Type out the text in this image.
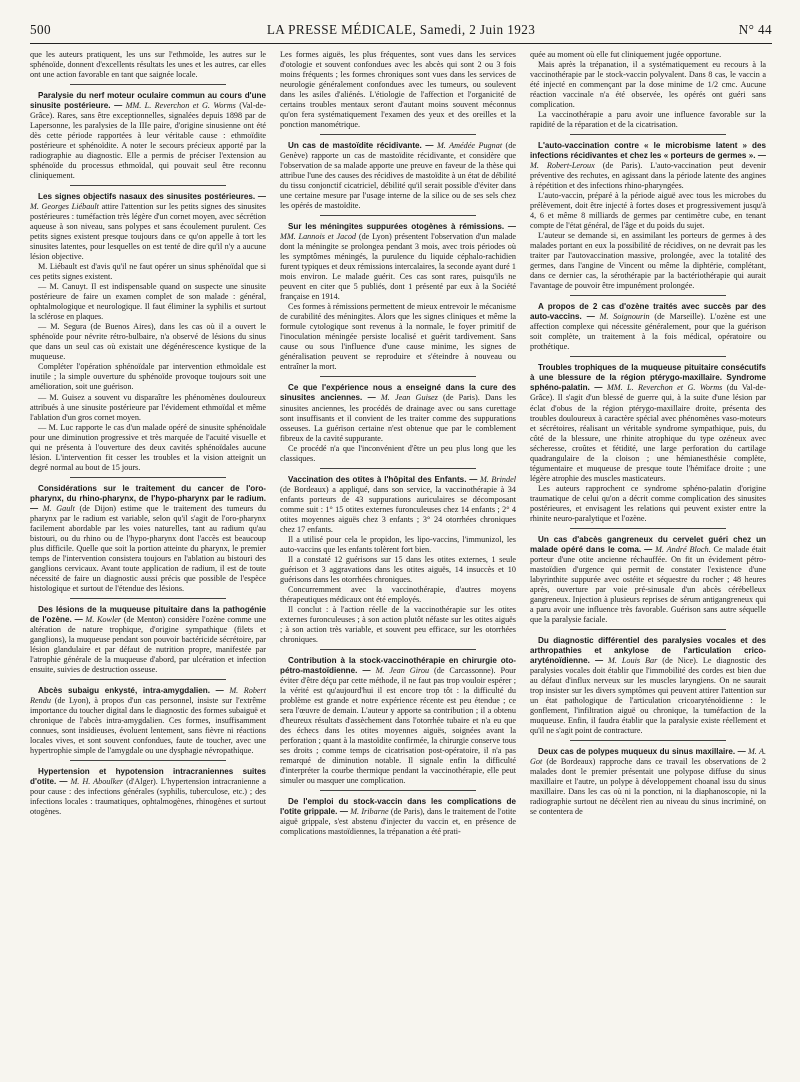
500	LA PRESSE MÉDICALE, Samedi, 2 Juin 1923	N° 44

que les auteurs pratiquent, les uns sur l'ethmoïde, les autres sur le sphénoïde, donnent d'excellents résultats les unes et les autres, car elles ont une action favorable en tant que saignée locale.

Paralysie du nerf moteur oculaire commun au cours d'une sinusite postérieure. — MM. L. Reverchon et G. Worms (Val-de-Grâce). Rares, sans être exceptionnelles, signalées depuis 1898 par de Lapersonne, les paralysies de la IIIe paire, d'origine sinusienne ont été dès cette période rapportées à leur véritable cause : ethmoïdite postérieure et sphénoïdite. A noter le secours précieux apporté par la radiographie au diagnostic. Elle a permis de préciser l'extension au sphénoïde du processus ethmoïdal, qui pouvait seul être reconnu cliniquement.

Les signes objectifs nasaux des sinusites postérieures. — M. Georges Liébault attire l'attention sur les petits signes des sinusites postérieures : tuméfaction très légère d'un cornet moyen, avec sécrétion aqueuse à son niveau, sans polypes et sans écoulement purulent. Ces petits signes existent presque toujours dans ce qu'on appelle à tort les sinusites latentes, pour lesquelles on est tenté de dire qu'il n'y a aucune lésion objective.

M. Liébault est d'avis qu'il ne faut opérer un sinus sphénoïdal que si ces petits signes existent.

— M. Canuyt. Il est indispensable quand on suspecte une sinusite postérieure de faire un examen complet de son malade : général, ophtalmologique et neurologique. Il faut éliminer la syphilis et surtout la sclérose en plaques.

— M. Segura (de Buenos Aires), dans les cas où il a ouvert le sphénoïde pour névrite rétro-bulbaire, n'a observé de lésions du sinus que dans un seul cas où existait une dégénérescence kystique de la muqueuse.

Compléter l'opération sphénoïdale par intervention ethmoïdale est inutile ; la simple ouverture du sphénoïde provoque toujours soit une amélioration, soit une guérison.

— M. Guisez a souvent vu disparaître les phénomènes douloureux attribués à une sinusite postérieure par l'évidement ethmoïdal et même l'ablation d'un gros cornet moyen.

— M. Luc rapporte le cas d'un malade opéré de sinusite sphénoïdale pour une diminution progressive et très marquée de l'acuité visuelle et qui ne présenta à l'ouverture des deux cavités sphénoïdales aucune lésion. L'intervention fit cesser les troubles et la vision atteignit un degré normal au bout de 15 jours.

Considérations sur le traitement du cancer de l'oro-pharynx, du rhino-pharynx, de l'hypo-pharynx par le radium. — M. Gault (de Dijon) estime que le traitement des tumeurs du pharynx par le radium est variable, selon qu'il s'agit de l'oro-pharynx facilement abordable par les voies naturelles, tant au radium qu'au bistouri, ou du rhino ou de l'hypo-pharynx dont l'accès est beaucoup plus difficile. Quelle que soit la portion atteinte du pharynx, le premier temps de l'intervention consistera toujours en l'ablation au bistouri des ganglions cervicaux. Avant toute application de radium, il est de toute nécessité de faire un diagnostic aussi précis que possible de l'espèce histologique et surtout de l'étendue des lésions.

Des lésions de la muqueuse pituitaire dans la pathogénie de l'ozène. — M. Kowler (de Menton) considère l'ozène comme une altération de nature trophique, d'origine sympathique (filets et ganglions), la muqueuse pendant son pouvoir bactéricide sécrétoire, par lésion glandulaire et par défaut de nutrition propre, manifestée par l'atrophie générale de la muqueuse d'abord, par ulcération et infection ensuite, suivies de destruction osseuse.

Abcès subaigu enkysté, intra-amygdalien. — M. Robert Rendu (de Lyon), à propos d'un cas personnel, insiste sur l'extrême importance du toucher digital dans le diagnostic des formes subaiguë et chronique de l'abcès intra-amygdalien. Ces formes, insuffisamment connues, sont insidieuses, évoluent lentement, sans fièvre ni réactions locales vives, et sont souvent confondues, faute de toucher, avec une hypertrophie simple de l'amygdale ou une dysphagie névropathique.

Hypertension et hypotension intracraniennes suites d'otite. — M. H. Aboulker (d'Alger). L'hypertension intracranienne a pour cause : des infections générales (syphilis, tuberculose, etc.) ; des infections locales : traumatiques, ophtalmogènes, rhinogènes et surtout otogènes.

Les formes aiguës, les plus fréquentes, sont vues dans les services d'otologie et souvent confondues avec les abcès qui sont 2 ou 3 fois moins fréquents ; les formes chroniques sont vues dans les services de neurologie généralement confondues avec les tumeurs, ou soulevent dans les asiles d'aliénés. L'étiologie de l'affection et l'organicité de certains troubles mentaux seront d'autant moins souvent méconnus qu'on fera systématiquement l'examen des yeux et des oreilles et la ponction manométrique.

Un cas de mastoïdite récidivante. — M. Amédée Pugnat (de Genève) rapporte un cas de mastoïdite récidivante, et considère que l'observation de sa malade apporte une preuve en faveur de la thèse qui attribue l'une des causes des récidives de mastoïdite à un état de débilité du tissu conjonctif cicatriciel, débilité qu'il serait possible d'éviter dans une certaine mesure par l'usage interne de la silice ou de ses sels chez les opérés de mastoïdite.

Sur les méningites suppurées otogènes à rémissions. — MM. Lannois et Jacod (de Lyon) présentent l'observation d'un malade dont la méningite se prolongea pendant 3 mois, avec trois périodes où les symptômes méningés, la purulence du liquide céphalo-rachidien furent typiques et deux rémissions intercalaires, la seconde ayant duré 1 mois environ. Le malade guérit. Ces cas sont rares, puisqu'ils ne peuvent en citer que 5 publiés, dont 1 présenté par eux à la Société française en 1914.

Ces formes à rémissions permettent de mieux entrevoir le mécanisme de curabilité des méningites. Alors que les signes cliniques et même la formule cytologique sont revenus à la normale, le foyer primitif de l'inoculation méningée persiste localisé et guérit tardivement. Sans cause ou sous l'influence d'une cause minime, les signes de généralisation peuvent se reproduire et s'éteindre à nouveau ou entraîner la mort.

Ce que l'expérience nous a enseigné dans la cure des sinusites anciennes. — M. Jean Guisez (de Paris). Dans les sinusites anciennes, les procédés de drainage avec ou sans curettage sont insuffisants et il convient de les traiter comme des suppurations osseuses. La guérison certaine n'est obtenue que par le comblement fibreux de la cavité suppurante.

Ce procédé n'a que l'inconvénient d'être un peu plus long que les classiques.

Vaccination des otites à l'hôpital des Enfants. — M. Brindel (de Bordeaux) a appliqué, dans son service, la vaccinothérapie à 34 enfants porteurs de 43 suppurations auriculaires se décomposant comme suit : 1° 15 otites externes furonculeuses chez 14 enfants ; 2° 4 otites moyennes aiguës chez 3 enfants ; 3° 24 otorrhées chroniques chez 17 enfants.

Il a utilisé pour cela le propidon, les lipo-vaccins, l'immunizol, les auto-vaccins que les enfants tolèrent fort bien.

Il a constaté 12 guérisons sur 15 dans les otites externes, 1 seule guérison et 3 aggravations dans les otites aiguës, 14 insuccès et 10 guérisons dans les otorrhées chroniques.

Concurremment avec la vaccinothérapie, d'autres moyens thérapeutiques médicaux ont été employés.

Il conclut : à l'action réelle de la vaccinothérapie sur les otites externes furonculeuses ; à son action plutôt néfaste sur les otites aiguës ; à son action très variable, et souvent peu efficace, sur les otorrhées chroniques.

Contribution à la stock-vaccinothérapie en chirurgie oto-pétro-mastoïdienne. — M. Jean Girou (de Carcassonne). Pour éviter d'être déçu par cette méthode, il ne faut pas trop vouloir espérer ; la vérité est qu'aujourd'hui il est encore trop tôt : la difficulté du problème est grande et notre expérience récente est peu étendue ; ce sera l'œuvre de demain. L'auteur y apporte sa contribution ; il a obtenu d'heureux résultats d'assèchement dans l'otorrhée tubaire et n'a eu que des échecs dans les otites moyennes aiguës, soignées avant la perforation ; quant à la mastoïdite confirmée, la chirurgie conserve tous ses droits ; comme temps de cicatrisation post-opératoire, il n'a pas remarqué de diminution notable. Il signale enfin la difficulté d'interpréter la courbe thermique pendant la vaccinothérapie, elle peut simuler ou masquer une complication.

De l'emploi du stock-vaccin dans les complications de l'otite grippale. — M. Iribarne (de Paris), dans le traitement de l'otite aiguë grippale, s'est abstenu d'injecter du vaccin et, en présence de complications mastoïdiennes, la trépanation a été prati-

quée au moment où elle fut cliniquement jugée opportune.

Mais après la trépanation, il a systématiquement eu recours à la vaccinothérapie par le stock-vaccin polyvalent. Dans 8 cas, le vaccin a été injecté en commençant par la dose minime de 1/2 cmc. Aucune réaction vaccinale n'a été observée, les opérés ont guéri sans complication.

La vaccinothérapie a paru avoir une influence favorable sur la rapidité de la réparation et de la cicatrisation.

L'auto-vaccination contre « le microbisme latent » des infections récidivantes et chez les « porteurs de germes ». — M. Robert-Leroux (de Paris). L'auto-vaccination peut devenir préventive des rechutes, en agissant dans la période latente des angines à répétition et des infections rhino-pharyngées.

L'auto-vaccin, préparé à la période aiguë avec tous les microbes du prélèvement, doit être injecté à fortes doses et progressivement jusqu'à 4, 6 et même 8 milliards de germes par centimètre cube, en tenant compte de l'état général, de l'âge et du poids du sujet.

L'auteur se demande si, en assimilant les porteurs de germes à des malades portant en eux la possibilité de récidives, on ne devrait pas les traiter par l'autovaccination massive, prolongée, avec la totalité des germes, dans l'angine de Vincent ou même la diphtérie, complétant, dans ce dernier cas, la sérothérapie par la bactériothérapie qui aurait l'avantage de pouvoir être impunément prolongée.

A propos de 2 cas d'ozène traités avec succès par des auto-vaccins. — M. Soignourin (de Marseille). L'ozène est une affection complexe qui nécessite généralement, pour que la guérison soit complète, un traitement à la fois médical, opératoire ou prothétique.

Troubles trophiques de la muqueuse pituitaire consécutifs à une blessure de la région ptérygo-maxillaire. Syndrome sphéno-palatin. — MM. L. Reverchon et G. Worms (du Val-de-Grâce). Il s'agit d'un blessé de guerre qui, à la suite d'une lésion par éclat d'obus de la région ptérygo-maxillaire droite, présenta des troubles douloureux à caractère spécial avec phénomènes vaso-moteurs et sécrétoires, réalisant un véritable syndrome sympathique, puis, du côté de la blessure, une rhinite atrophique du type ozéneux avec sécheresse, croûtes et fétidité, une large perforation du cartilage quadrangulaire de la cloison ; une hémianesthésie complète, tégumentaire et muqueuse de presque toute l'hémiface droite ; une légère atrophie des muscles masticateurs.

Les auteurs rapprochent ce syndrome sphéno-palatin d'origine traumatique de celui qu'on a décrit comme complication des sinusites postérieures, et envisagent les relations qui peuvent exister entre la rhinite neuro-paralytique et l'ozène.

Un cas d'abcès gangreneux du cervelet guéri chez un malade opéré dans le coma. — M. André Bloch. Ce malade était porteur d'une otite ancienne réchauffée. On fit un évidement pétro-mastoïdien d'urgence qui permit de constater l'existence d'une labyrinthite suppurée avec ostéite et séquestre du rocher ; 48 heures après, ouverture par voie pré-sinusale d'un abcès cérébelleux gangreneux. Injection à plusieurs reprises de sérum antigangreneux qui a paru avoir une influence très favorable. Guérison sans autre séquelle que la paralysie faciale.

Du diagnostic différentiel des paralysies vocales et des arthropathies et ankylose de l'articulation crico-aryténoïdienne. — M. Louis Bar (de Nice). Le diagnostic des paralysies vocales doit établir que l'immobilité des cordes est bien due au défaut d'influx nerveux sur les muscles laryngiens. On ne saurait trop insister sur les divers symptômes qui peuvent attirer l'attention sur un état pathologique de l'articulation cricoaryténoïdienne : le gonflement, l'infiltration aiguë ou chronique, la tuméfaction de la muqueuse. Enfin, il faudra établir que la paralysie existe réellement et qu'il ne s'agit point de contracture.

Deux cas de polypes muqueux du sinus maxillaire. — M. A. Got (de Bordeaux) rapproche dans ce travail les observations de 2 malades dont le premier présentait une polypose diffuse du sinus maxillaire et l'autre, un polype à développement choanal issu du sinus maxillaire. Dans les cas où ni la ponction, ni la diaphanoscopie, ni la radiographie surtout ne décèlent rien au niveau du sinus incriminé, on se contentera de
